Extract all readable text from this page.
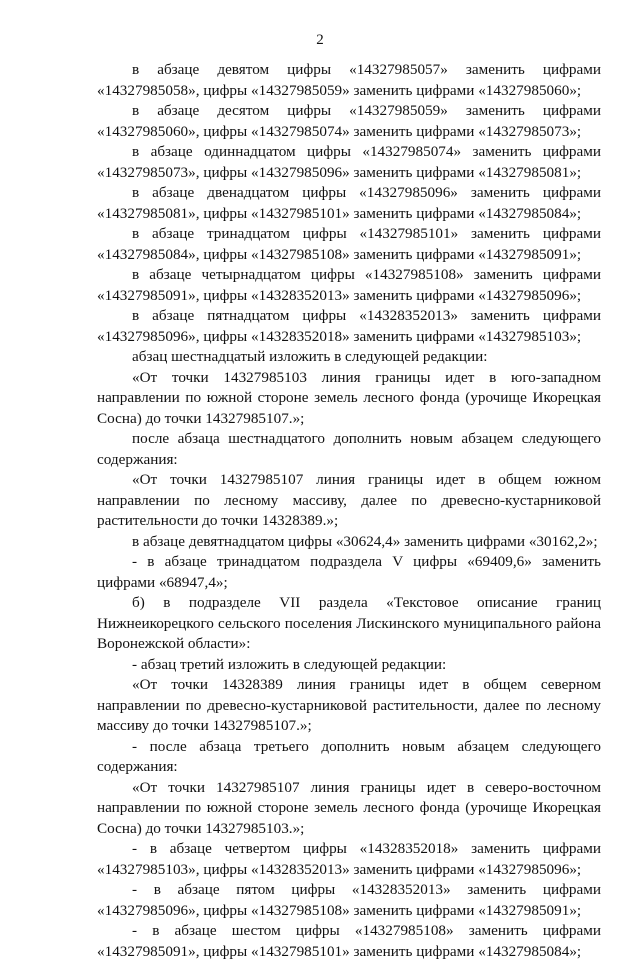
2

в абзаце девятом цифры «14327985057» заменить цифрами «14327985058», цифры «14327985059» заменить цифрами «14327985060»;

в абзаце десятом цифры «14327985059» заменить цифрами «14327985060», цифры «14327985074» заменить цифрами «14327985073»;

в абзаце одиннадцатом цифры «14327985074» заменить цифрами «14327985073», цифры «14327985096» заменить цифрами «14327985081»;

в абзаце двенадцатом цифры «14327985096» заменить цифрами «14327985081», цифры «14327985101» заменить цифрами «14327985084»;

в абзаце тринадцатом цифры «14327985101» заменить цифрами «14327985084», цифры «14327985108» заменить цифрами «14327985091»;

в абзаце четырнадцатом цифры «14327985108» заменить цифрами «14327985091», цифры «14328352013» заменить цифрами «14327985096»;

в абзаце пятнадцатом цифры «14328352013» заменить цифрами «14327985096», цифры «14328352018» заменить цифрами «14327985103»;

абзац шестнадцатый изложить в следующей редакции:

«От точки 14327985103 линия границы идет в юго-западном направлении по южной стороне земель лесного фонда (урочище Икорецкая Сосна) до точки 14327985107.»;

после абзаца шестнадцатого дополнить новым абзацем следующего содержания:

«От точки 14327985107 линия границы идет в общем южном направлении по лесному массиву, далее по древесно-кустарниковой растительности до точки 14328389.»;

в абзаце девятнадцатом цифры «30624,4» заменить цифрами «30162,2»;

- в абзаце тринадцатом подраздела V цифры «69409,6» заменить цифрами «68947,4»;

б) в подразделе VII раздела «Текстовое описание границ Нижнеикорецкого сельского поселения Лискинского муниципального района Воронежской области»:

- абзац третий изложить в следующей редакции:

«От точки 14328389 линия границы идет в общем северном направлении по древесно-кустарниковой растительности, далее по лесному массиву до точки 14327985107.»;

- после абзаца третьего дополнить новым абзацем следующего содержания:

«От точки 14327985107 линия границы идет в северо-восточном направлении по южной стороне земель лесного фонда (урочище Икорецкая Сосна) до точки 14327985103.»;

- в абзаце четвертом цифры «14328352018» заменить цифрами «14327985103», цифры «14328352013» заменить цифрами «14327985096»;

- в абзаце пятом цифры «14328352013» заменить цифрами «14327985096», цифры «14327985108» заменить цифрами «14327985091»;

- в абзаце шестом цифры «14327985108» заменить цифрами «14327985091», цифры «14327985101» заменить цифрами «14327985084»;
